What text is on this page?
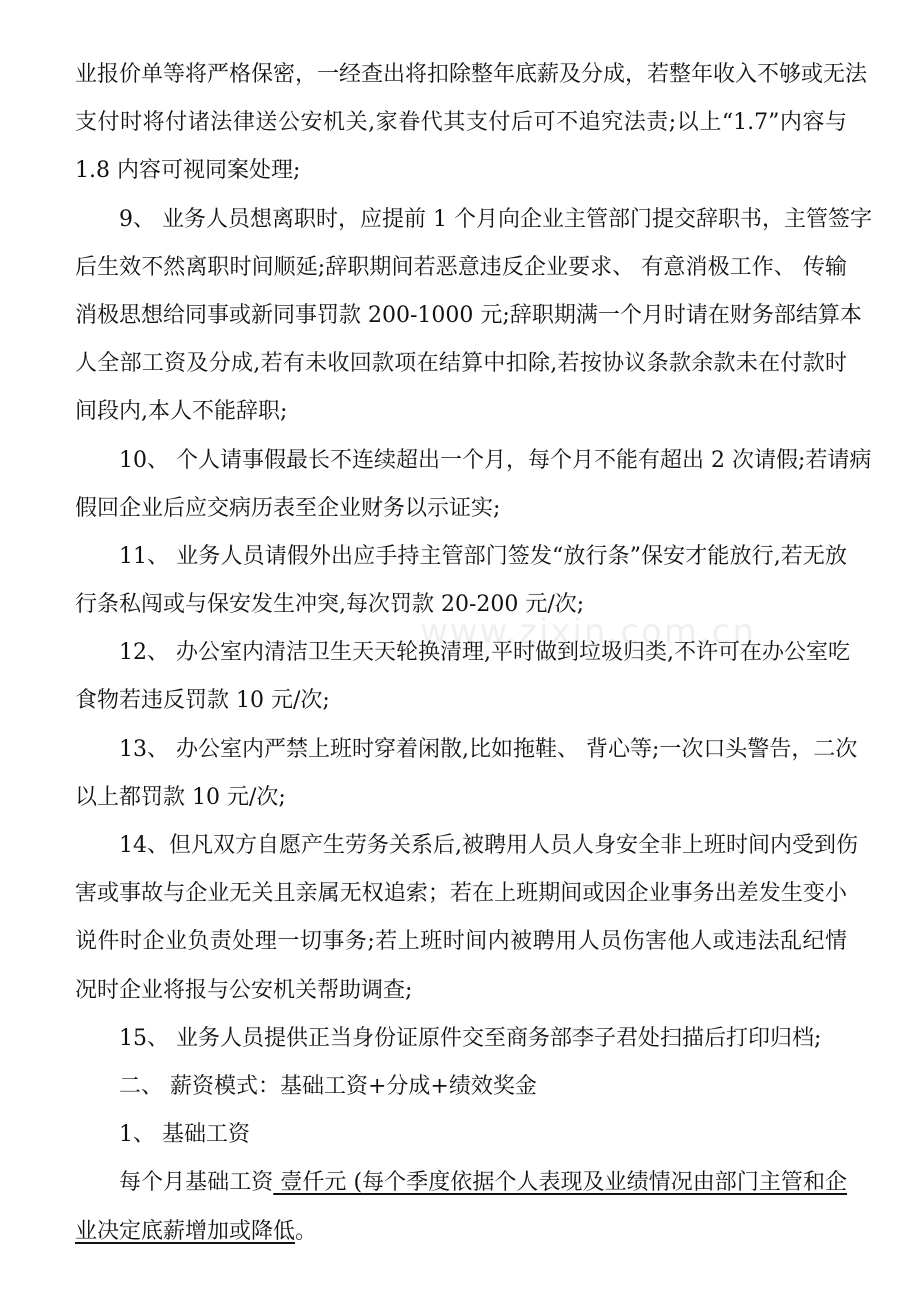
www.zixin.com.cn
业报价单等将严格保密，一经查出将扣除整年底薪及分成，若整年收入不够或无法
支付时将付诸法律送公安机关,家眷代其支付后可不追究法责;以上“1.7”内容与
1.8 内容可视同案处理;
9、 业务人员想离职时，应提前 1 个月向企业主管部门提交辞职书，主管签字
后生效不然离职时间顺延;辞职期间若恶意违反企业要求、 有意消极工作、 传输
消极思想给同事或新同事罚款 200-1000 元;辞职期满一个月时请在财务部结算本
人全部工资及分成,若有未收回款项在结算中扣除,若按协议条款余款未在付款时
间段内,本人不能辞职;
10、 个人请事假最长不连续超出一个月，每个月不能有超出 2 次请假;若请病
假回企业后应交病历表至企业财务以示证实;
11、 业务人员请假外出应手持主管部门签发“放行条”保安才能放行,若无放
行条私闯或与保安发生冲突,每次罚款 20-200 元/次;
12、 办公室内清洁卫生天天轮换清理,平时做到垃圾归类,不许可在办公室吃
食物若违反罚款 10 元/次;
13、 办公室内严禁上班时穿着闲散,比如拖鞋、 背心等;一次口头警告，二次
以上都罚款 10 元/次;
14、但凡双方自愿产生劳务关系后,被聘用人员人身安全非上班时间内受到伤
害或事故与企业无关且亲属无权追索；若在上班期间或因企业事务出差发生变小
说件时企业负责处理一切事务;若上班时间内被聘用人员伤害他人或违法乱纪情
况时企业将报与公安机关帮助调查;
15、 业务人员提供正当身份证原件交至商务部李子君处扫描后打印归档;
二、 薪资模式：基础工资+分成+绩效奖金
1、 基础工资
每个月基础工资 壹仟元 (每个季度依据个人表现及业绩情况由部门主管和企
业决定底薪增加或降低。
